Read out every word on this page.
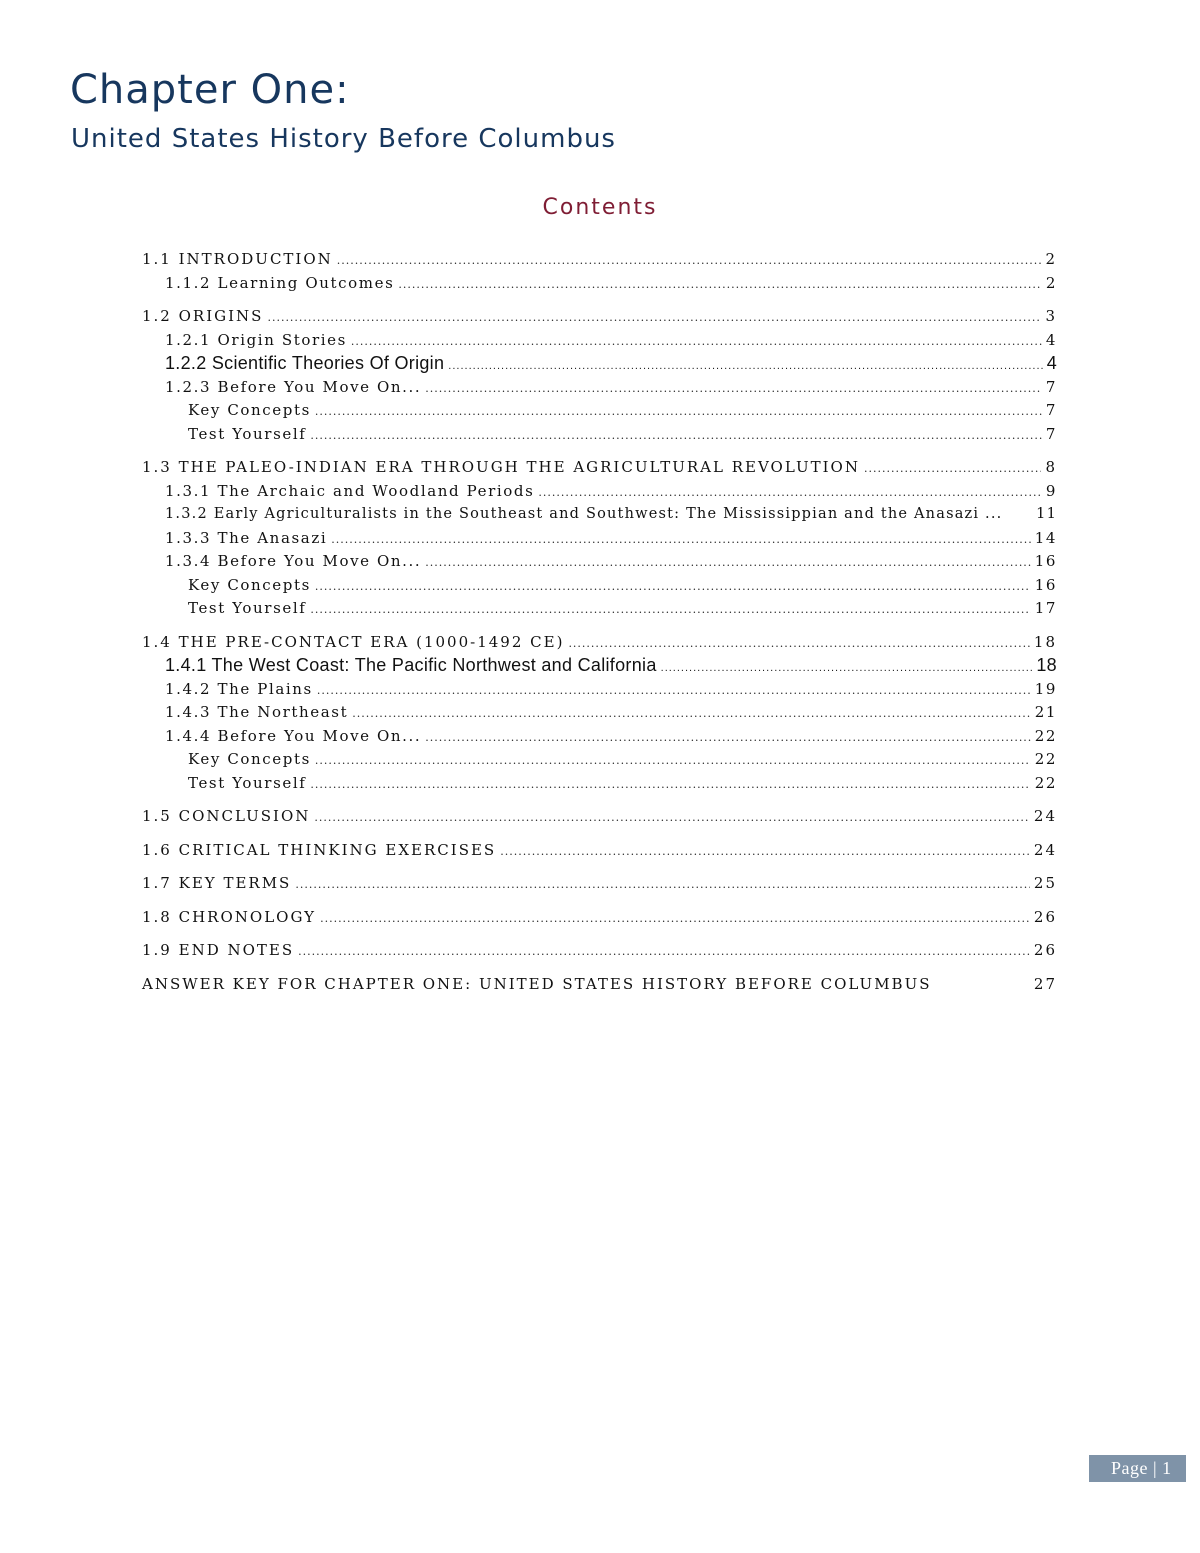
Chapter One:
United States History Before Columbus
Contents
1.1 INTRODUCTION .....	2
1.1.2 Learning Outcomes .....	2
1.2 ORIGINS .....	3
1.2.1 Origin Stories .....	4
1.2.2 Scientific Theories Of Origin .....	4
1.2.3 Before You Move On... .....	7
Key Concepts .....	7
Test Yourself .....	7
1.3 THE PALEO-INDIAN ERA THROUGH THE AGRICULTURAL REVOLUTION .....	8
1.3.1 The Archaic and Woodland Periods .....	9
1.3.2 Early Agriculturalists in the Southeast and Southwest: The Mississippian and the Anasazi ...	11
1.3.3 The Anasazi .....	14
1.3.4 Before You Move On... .....	16
Key Concepts .....	16
Test Yourself .....	17
1.4 THE PRE-CONTACT ERA (1000-1492 CE) .....	18
1.4.1 The West Coast: The Pacific Northwest and California .....	18
1.4.2 The Plains .....	19
1.4.3 The Northeast .....	21
1.4.4 Before You Move On... .....	22
Key Concepts .....	22
Test Yourself .....	22
1.5 CONCLUSION .....	24
1.6 CRITICAL THINKING EXERCISES .....	24
1.7 KEY TERMS .....	25
1.8 CHRONOLOGY .....	26
1.9 END NOTES .....	26
ANSWER KEY FOR CHAPTER ONE: UNITED STATES HISTORY BEFORE COLUMBUS	27
Page | 1
